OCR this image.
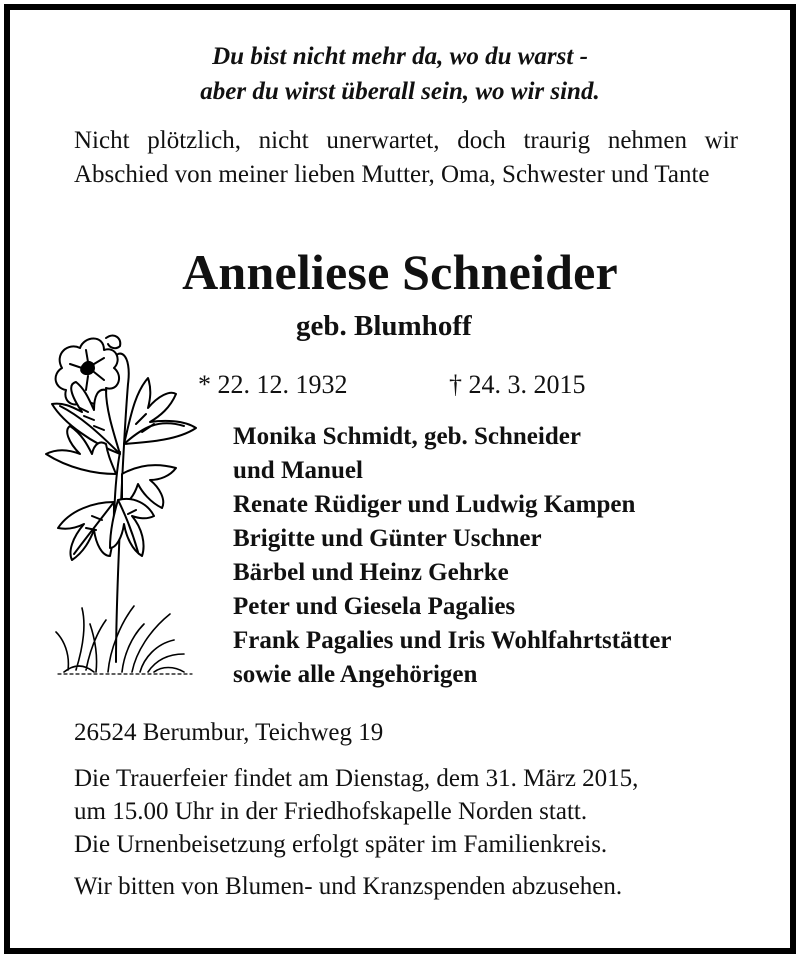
Du bist nicht mehr da, wo du warst -
aber du wirst überall sein, wo wir sind.
Nicht plötzlich, nicht unerwartet, doch traurig nehmen wir Abschied von meiner lieben Mutter, Oma, Schwester und Tante
Anneliese Schneider
geb. Blumhoff
* 22. 12. 1932	† 24. 3. 2015
Monika Schmidt, geb. Schneider
und Manuel
Renate Rüdiger und Ludwig Kampen
Brigitte und Günter Uschner
Bärbel und Heinz Gehrke
Peter und Giesela Pagalies
Frank Pagalies und Iris Wohlfahrtstätter
sowie alle Angehörigen
26524 Berumbur, Teichweg 19
Die Trauerfeier findet am Dienstag, dem 31. März 2015,
um 15.00 Uhr in der Friedhofskapelle Norden statt.
Die Urnenbeisetzung erfolgt später im Familienkreis.
Wir bitten von Blumen- und Kranzspenden abzusehen.
